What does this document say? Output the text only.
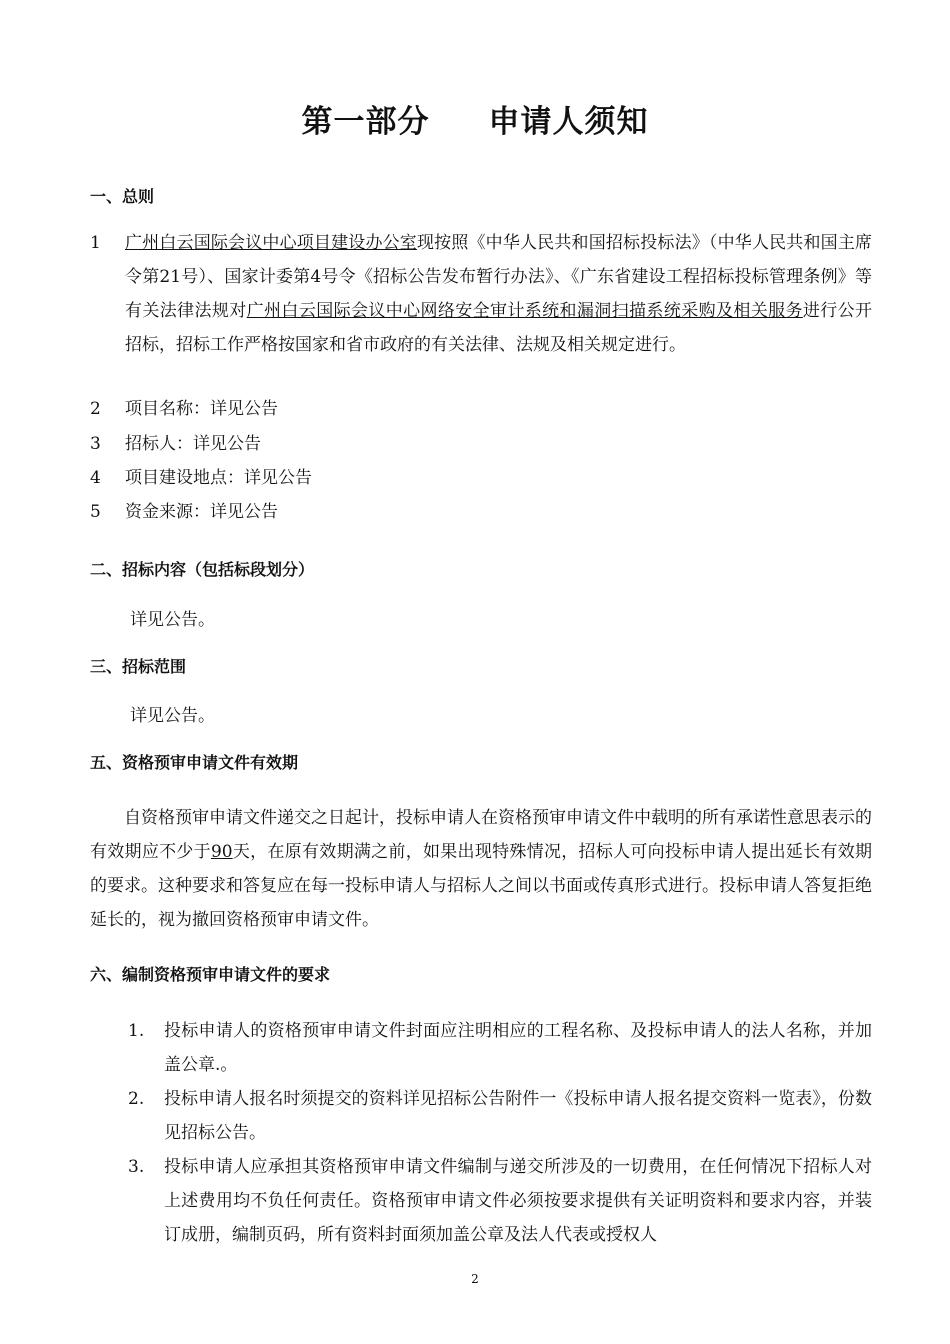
第一部分     申请人须知
一、总则
1 广州白云国际会议中心项目建设办公室现按照《中华人民共和国招标投标法》（中华人民共和国主席令第21号）、国家计委第4号令《招标公告发布暂行办法》、《广东省建设工程招标投标管理条例》等有关法律法规对广州白云国际会议中心网络安全审计系统和漏洞扫描系统采购及相关服务进行公开招标，招标工作严格按国家和省市政府的有关法律、法规及相关规定进行。
2 项目名称：详见公告
3 招标人：详见公告
4 项目建设地点：详见公告
5 资金来源：详见公告
二、招标内容（包括标段划分）
详见公告。
三、招标范围
详见公告。
五、资格预审申请文件有效期
自资格预审申请文件递交之日起计，投标申请人在资格预审申请文件中载明的所有承诺性意思表示的有效期应不少于90天，在原有效期满之前，如果出现特殊情况，招标人可向投标申请人提出延长有效期的要求。这种要求和答复应在每一投标申请人与招标人之间以书面或传真形式进行。投标申请人答复拒绝延长的，视为撤回资格预审申请文件。
六、编制资格预审申请文件的要求
1. 投标申请人的资格预审申请文件封面应注明相应的工程名称、及投标申请人的法人名称，并加盖公章.。
2. 投标申请人报名时须提交的资料详见招标公告附件一《投标申请人报名提交资料一览表》，份数见招标公告。
3. 投标申请人应承担其资格预审申请文件编制与递交所涉及的一切费用，在任何情况下招标人对上述费用均不负任何责任。资格预审申请文件必须按要求提供有关证明资料和要求内容，并装订成册，编制页码，所有资料封面须加盖公章及法人代表或授权人
2
